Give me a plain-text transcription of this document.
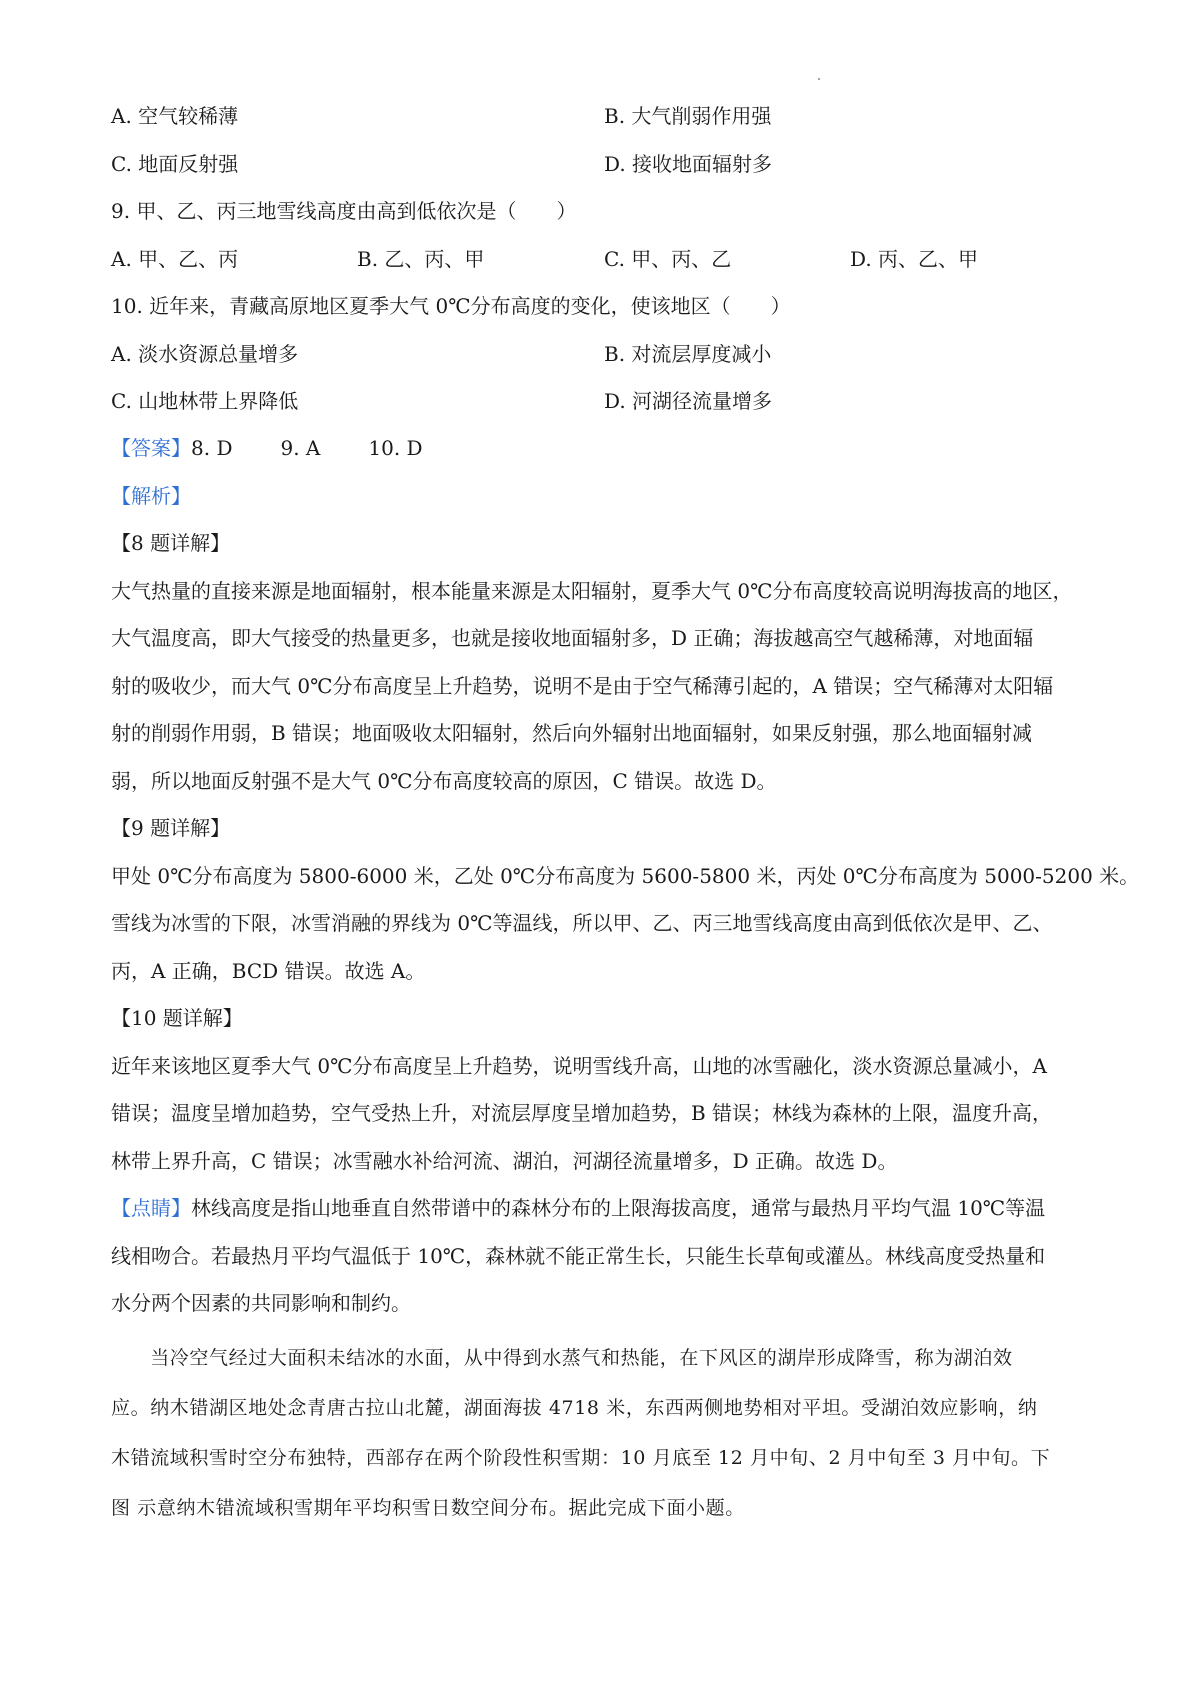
A. 空气较稀薄	B. 大气削弱作用强
C. 地面反射强	D. 接收地面辐射多
9. 甲、乙、丙三地雪线高度由高到低依次是（　　）
A. 甲、乙、丙	B. 乙、丙、甲	C. 甲、丙、乙	D. 丙、乙、甲
10. 近年来，青藏高原地区夏季大气 0℃分布高度的变化，使该地区（　　）
A. 淡水资源总量增多	B. 对流层厚度减小
C. 山地林带上界降低	D. 河湖径流量增多
【答案】8. D 9. A 10. D
【解析】
【8 题详解】
大气热量的直接来源是地面辐射，根本能量来源是太阳辐射，夏季大气 0℃分布高度较高说明海拔高的地区，
大气温度高，即大气接受的热量更多，也就是接收地面辐射多，D 正确；海拔越高空气越稀薄，对地面辐
射的吸收少，而大气 0℃分布高度呈上升趋势，说明不是由于空气稀薄引起的，A 错误；空气稀薄对太阳辐
射的削弱作用弱，B 错误；地面吸收太阳辐射，然后向外辐射出地面辐射，如果反射强，那么地面辐射减
弱，所以地面反射强不是大气 0℃分布高度较高的原因，C 错误。故选 D。
【9 题详解】
甲处 0℃分布高度为 5800-6000 米，乙处 0℃分布高度为 5600-5800 米，丙处 0℃分布高度为 5000-5200 米。
雪线为冰雪的下限，冰雪消融的界线为 0℃等温线，所以甲、乙、丙三地雪线高度由高到低依次是甲、乙、
丙，A 正确，BCD 错误。故选 A。
【10 题详解】
近年来该地区夏季大气 0℃分布高度呈上升趋势，说明雪线升高，山地的冰雪融化，淡水资源总量减小，A
错误；温度呈增加趋势，空气受热上升，对流层厚度呈增加趋势，B 错误；林线为森林的上限，温度升高，
林带上界升高，C 错误；冰雪融水补给河流、湖泊，河湖径流量增多，D 正确。故选 D。
【点睛】林线高度是指山地垂直自然带谱中的森林分布的上限海拔高度，通常与最热月平均气温 10℃等温
线相吻合。若最热月平均气温低于 10℃，森林就不能正常生长，只能生长草甸或灌丛。林线高度受热量和
水分两个因素的共同影响和制约。
　　当冷空气经过大面积未结冰的水面，从中得到水蒸气和热能，在下风区的湖岸形成降雪，称为湖泊效
应。纳木错湖区地处念青唐古拉山北麓，湖面海拔 4718 米，东西两侧地势相对平坦。受湖泊效应影响，纳
木错流域积雪时空分布独特，西部存在两个阶段性积雪期：10 月底至 12 月中旬、2 月中旬至 3 月中旬。下
图 示意纳木错流域积雪期年平均积雪日数空间分布。据此完成下面小题。
